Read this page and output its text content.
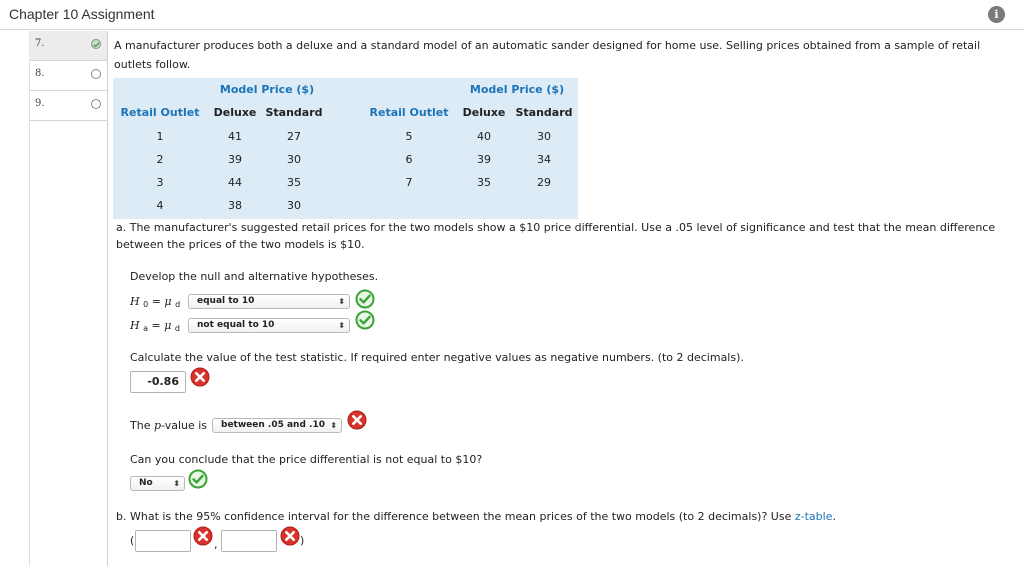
Chapter 10 Assignment	i
7.
8.
9.
A manufacturer produces both a deluxe and a standard model of an automatic sander designed for home use. Selling prices obtained from a sample of retail outlets follow.
Model Price ($)	Model Price ($)
Retail Outlet Deluxe Standard	Retail Outlet Deluxe Standard
1	41	27
2	39	30
3	44	35
4	38	30
5	40	30
6	39	34
7	35	29
a. The manufacturer's suggested retail prices for the two models show a $10 price differential. Use a .05 level of significance and test that the mean difference between the prices of the two models is $10.
Develop the null and alternative hypotheses.
H $_0$ = μ $_d$	equal to 10	⬍
H $_a$ = μ $_d$	not equal to 10	⬍
Calculate the value of the test statistic. If required enter negative values as negative numbers. (to 2 decimals).
-0.86
The p-value is	between .05 and .10 ⬍
Can you conclude that the price differential is not equal to $10?
No	⬍
b. What is the 95% confidence interval for the difference between the mean prices of the two models (to 2 decimals)? Use z-table.
(	,	)
